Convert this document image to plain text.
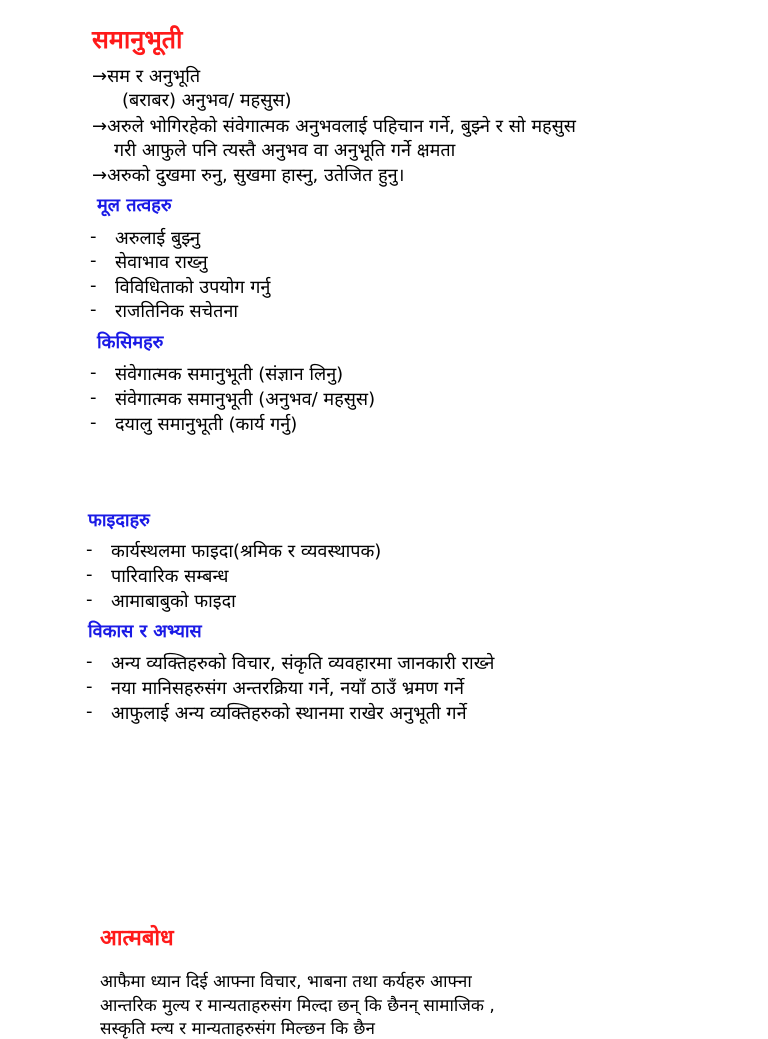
समानुभूती
→सम र अनुभूति
(बराबर) अनुभव/ महसुस)
→अरुले भोगिरहेको संवेगात्मक अनुभवलाई पहिचान गर्ने, बुझ्ने र सो महसुस
गरी आफुले पनि त्यस्तै अनुभव वा अनुभूति गर्ने क्षमता
→अरुको दुखमा रुनु, सुखमा हास्नु, उतेजित हुनु।
मूल तत्वहरु
- अरुलाई बुझ्नु
- सेवाभाव राख्नु
- विविधिताको उपयोग गर्नु
- राजतिनिक सचेतना
किसिमहरु
- संवेगात्मक समानुभूती (संज्ञान लिनु)
- संवेगात्मक समानुभूती (अनुभव/ महसुस)
- दयालु समानुभूती (कार्य गर्नु)
फाइदाहरु
- कार्यस्थलमा फाइदा(श्रमिक र व्यवस्थापक)
- पारिवारिक सम्बन्ध
- आमाबाबुको फाइदा
विकास र अभ्यास
- अन्य व्यक्तिहरुको विचार, संकृति व्यवहारमा जानकारी राख्ने
- नया मानिसहरुसंग अन्तरक्रिया गर्ने, नयाँ ठाउँ भ्रमण गर्ने
- आफुलाई अन्य व्यक्तिहरुको स्थानमा राखेर अनुभूती गर्ने
आत्मबोध
आफैमा ध्यान दिई आफ्ना विचार, भाबना तथा कर्यहरु आफ्ना
आन्तरिक मुल्य र मान्यताहरुसंग मिल्दा छन् कि छैनन् सामाजिक ,
सस्कृति म्ल्य र मान्यताहरुसंग मिल्छन कि छैन
